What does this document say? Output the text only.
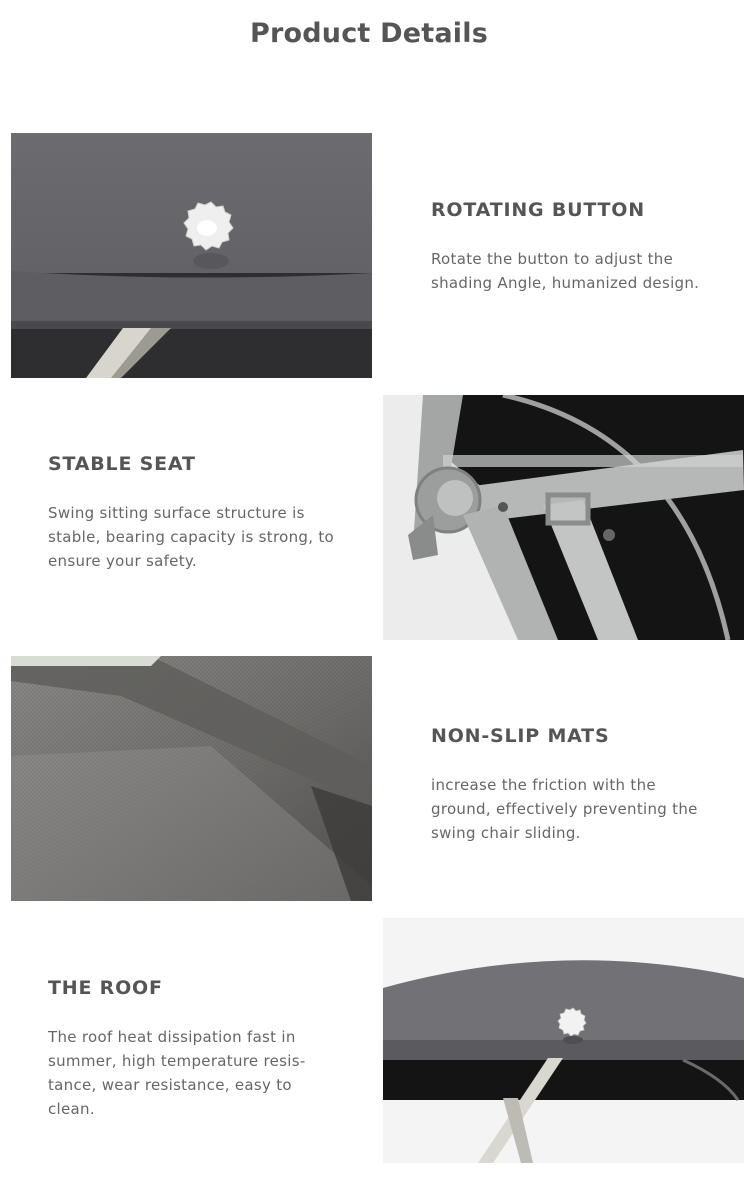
Product Details
ROTATING BUTTON
Rotate the button to adjust the
shading Angle, humanized design.
STABLE SEAT
Swing sitting surface structure is
stable, bearing capacity is strong, to
ensure your safety.
NON-SLIP MATS
increase the friction with the
ground, effectively preventing the
swing chair sliding.
THE ROOF
The roof heat dissipation fast in
summer, high temperature resis-
tance, wear resistance, easy to
clean.
